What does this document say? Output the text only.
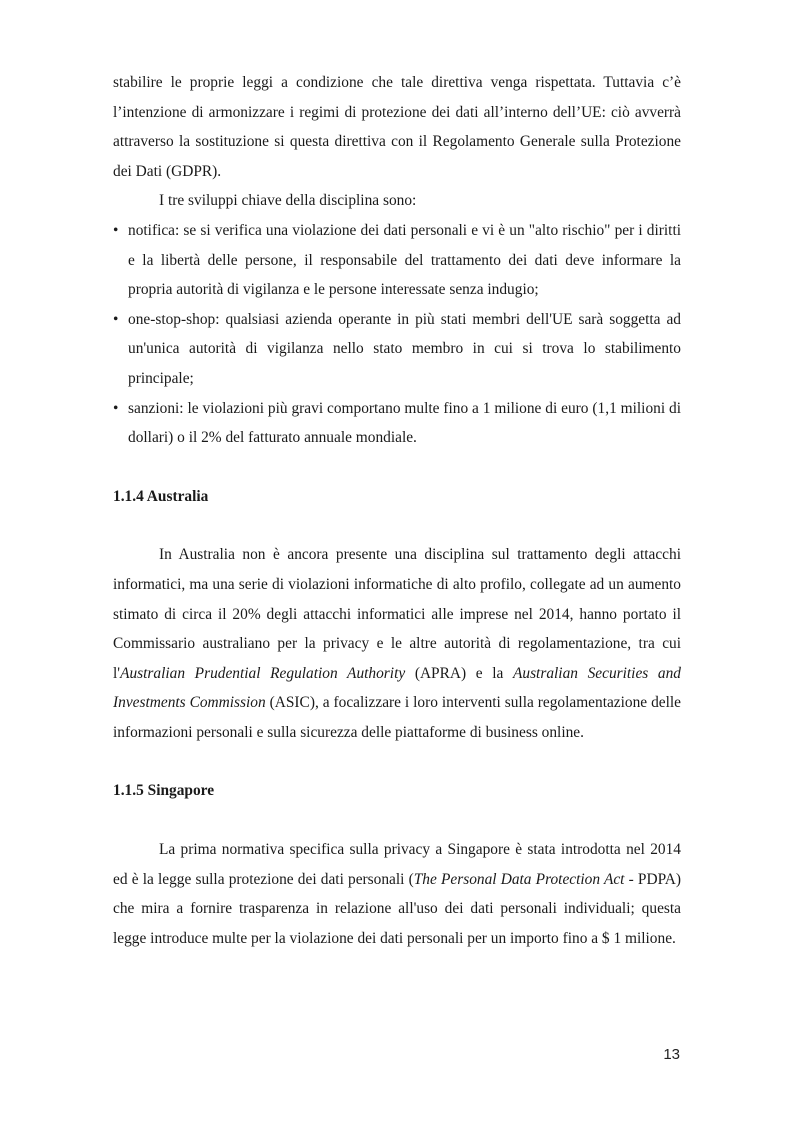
stabilire le proprie leggi a condizione che tale direttiva venga rispettata. Tuttavia c’è l’intenzione di armonizzare i regimi di protezione dei dati all’interno dell’UE: ciò avverrà attraverso la sostituzione si questa direttiva con il Regolamento Generale sulla Protezione dei Dati (GDPR).

I tre sviluppi chiave della disciplina sono:

• notifica: se si verifica una violazione dei dati personali e vi è un "alto rischio" per i diritti e la libertà delle persone, il responsabile del trattamento dei dati deve informare la propria autorità di vigilanza e le persone interessate senza indugio;
• one-stop-shop: qualsiasi azienda operante in più stati membri dell'UE sarà soggetta ad un'unica autorità di vigilanza nello stato membro in cui si trova lo stabilimento principale;
• sanzioni: le violazioni più gravi comportano multe fino a 1 milione di euro (1,1 milioni di dollari) o il 2% del fatturato annuale mondiale.
1.1.4 Australia

In Australia non è ancora presente una disciplina sul trattamento degli attacchi informatici, ma una serie di violazioni informatiche di alto profilo, collegate ad un aumento stimato di circa il 20% degli attacchi informatici alle imprese nel 2014, hanno portato il Commissario australiano per la privacy e le altre autorità di regolamentazione, tra cui l'Australian Prudential Regulation Authority (APRA) e la Australian Securities and Investments Commission (ASIC), a focalizzare i loro interventi sulla regolamentazione delle informazioni personali e sulla sicurezza delle piattaforme di business online.

1.1.5 Singapore

La prima normativa specifica sulla privacy a Singapore è stata introdotta nel 2014 ed è la legge sulla protezione dei dati personali (The Personal Data Protection Act - PDPA) che mira a fornire trasparenza in relazione all'uso dei dati personali individuali; questa legge introduce multe per la violazione dei dati personali per un importo fino a $ 1 milione.

13
